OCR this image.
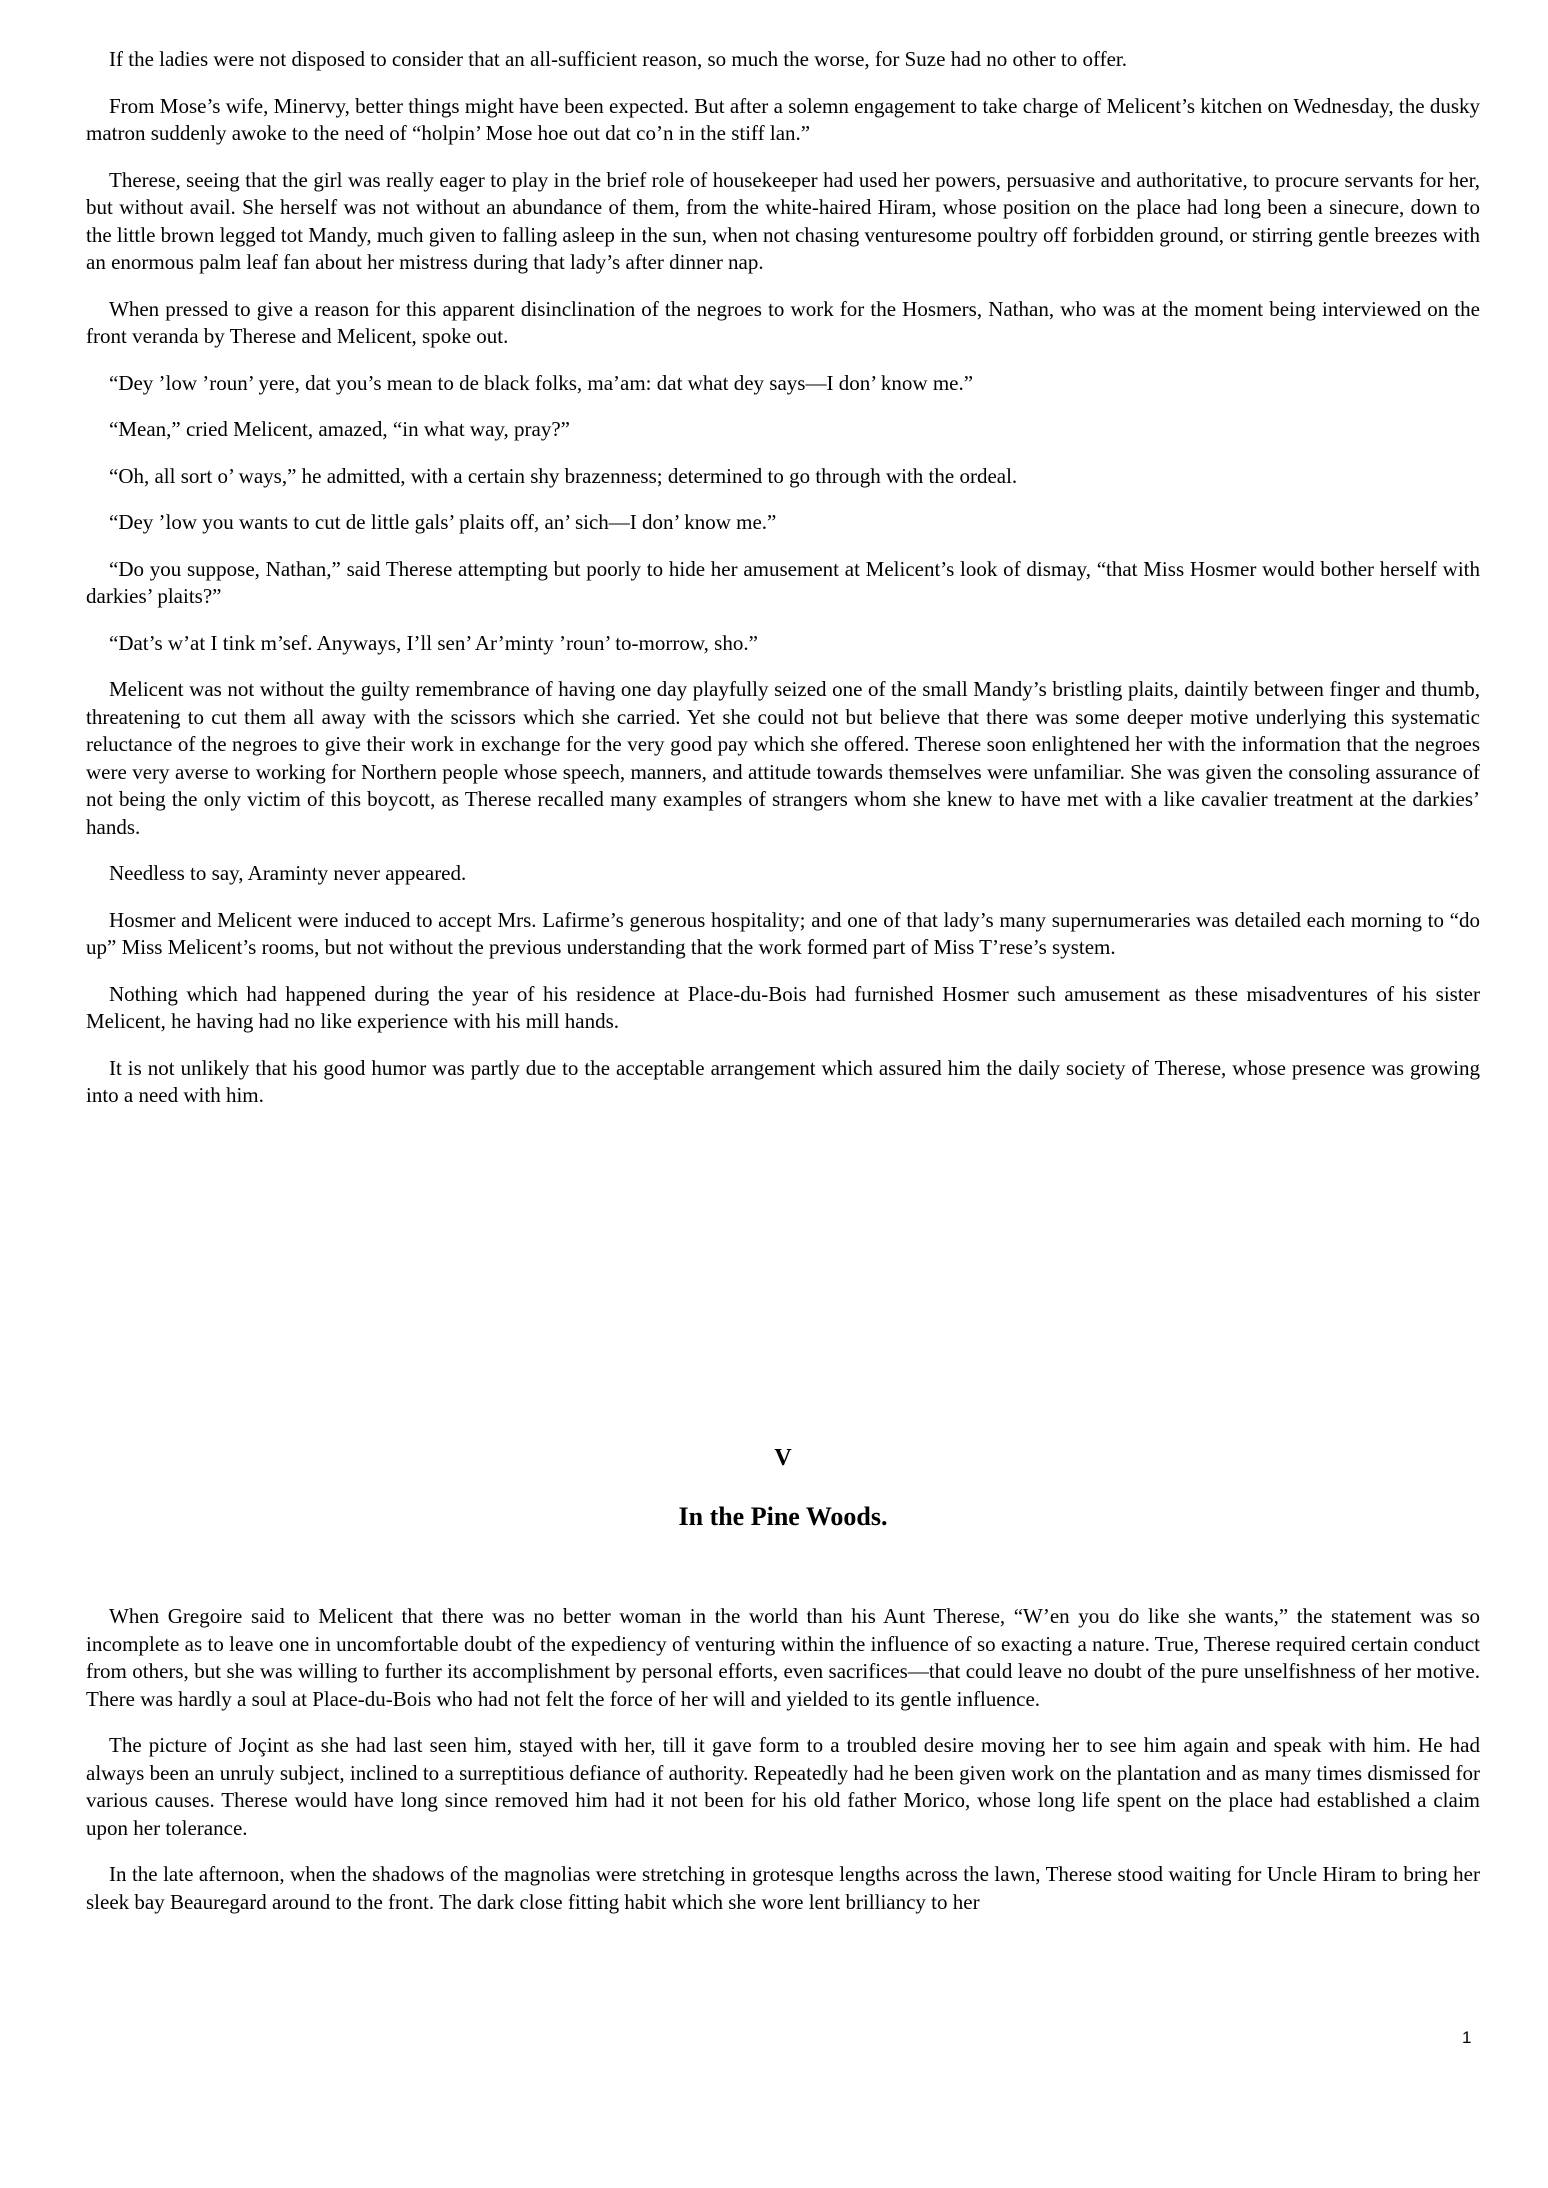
If the ladies were not disposed to consider that an all-sufficient reason, so much the worse, for Suze had no other to offer.

From Mose’s wife, Minervy, better things might have been expected. But after a solemn engagement to take charge of Melicent’s kitchen on Wednesday, the dusky matron suddenly awoke to the need of “holpin’ Mose hoe out dat co’n in the stiff lan.”

Therese, seeing that the girl was really eager to play in the brief role of housekeeper had used her powers, persuasive and authoritative, to procure servants for her, but without avail. She herself was not without an abundance of them, from the white-haired Hiram, whose position on the place had long been a sinecure, down to the little brown legged tot Mandy, much given to falling asleep in the sun, when not chasing venturesome poultry off forbidden ground, or stirring gentle breezes with an enormous palm leaf fan about her mistress during that lady’s after dinner nap.

When pressed to give a reason for this apparent disinclination of the negroes to work for the Hosmers, Nathan, who was at the moment being interviewed on the front veranda by Therese and Melicent, spoke out.

“Dey ’low ’roun’ yere, dat you’s mean to de black folks, ma’am: dat what dey says—I don’ know me.”

“Mean,” cried Melicent, amazed, “in what way, pray?”

“Oh, all sort o’ ways,” he admitted, with a certain shy brazenness; determined to go through with the ordeal.

“Dey ’low you wants to cut de little gals’ plaits off, an’ sich—I don’ know me.”

“Do you suppose, Nathan,” said Therese attempting but poorly to hide her amusement at Melicent’s look of dismay, “that Miss Hosmer would bother herself with darkies’ plaits?”

“Dat’s w’at I tink m’sef. Anyways, I’ll sen’ Ar’minty ’roun’ to-morrow, sho.”

Melicent was not without the guilty remembrance of having one day playfully seized one of the small Mandy’s bristling plaits, daintily between finger and thumb, threatening to cut them all away with the scissors which she carried. Yet she could not but believe that there was some deeper motive underlying this systematic reluctance of the negroes to give their work in exchange for the very good pay which she offered. Therese soon enlightened her with the information that the negroes were very averse to working for Northern people whose speech, manners, and attitude towards themselves were unfamiliar. She was given the consoling assurance of not being the only victim of this boycott, as Therese recalled many examples of strangers whom she knew to have met with a like cavalier treatment at the darkies’ hands.

Needless to say, Araminty never appeared.

Hosmer and Melicent were induced to accept Mrs. Lafirme’s generous hospitality; and one of that lady’s many supernumeraries was detailed each morning to “do up” Miss Melicent’s rooms, but not without the previous understanding that the work formed part of Miss T’rese’s system.

Nothing which had happened during the year of his residence at Place-du-Bois had furnished Hosmer such amusement as these misadventures of his sister Melicent, he having had no like experience with his mill hands.

It is not unlikely that his good humor was partly due to the acceptable arrangement which assured him the daily society of Therese, whose presence was growing into a need with him.

V
In the Pine Woods.

When Gregoire said to Melicent that there was no better woman in the world than his Aunt Therese, “W’en you do like she wants,” the statement was so incomplete as to leave one in uncomfortable doubt of the expediency of venturing within the influence of so exacting a nature. True, Therese required certain conduct from others, but she was willing to further its accomplishment by personal efforts, even sacrifices—that could leave no doubt of the pure unselfishness of her motive. There was hardly a soul at Place-du-Bois who had not felt the force of her will and yielded to its gentle influence.

The picture of Joçint as she had last seen him, stayed with her, till it gave form to a troubled desire moving her to see him again and speak with him. He had always been an unruly subject, inclined to a surreptitious defiance of authority. Repeatedly had he been given work on the plantation and as many times dismissed for various causes. Therese would have long since removed him had it not been for his old father Morico, whose long life spent on the place had established a claim upon her tolerance.

In the late afternoon, when the shadows of the magnolias were stretching in grotesque lengths across the lawn, Therese stood waiting for Uncle Hiram to bring her sleek bay Beauregard around to the front. The dark close fitting habit which she wore lent brilliancy to her

1
